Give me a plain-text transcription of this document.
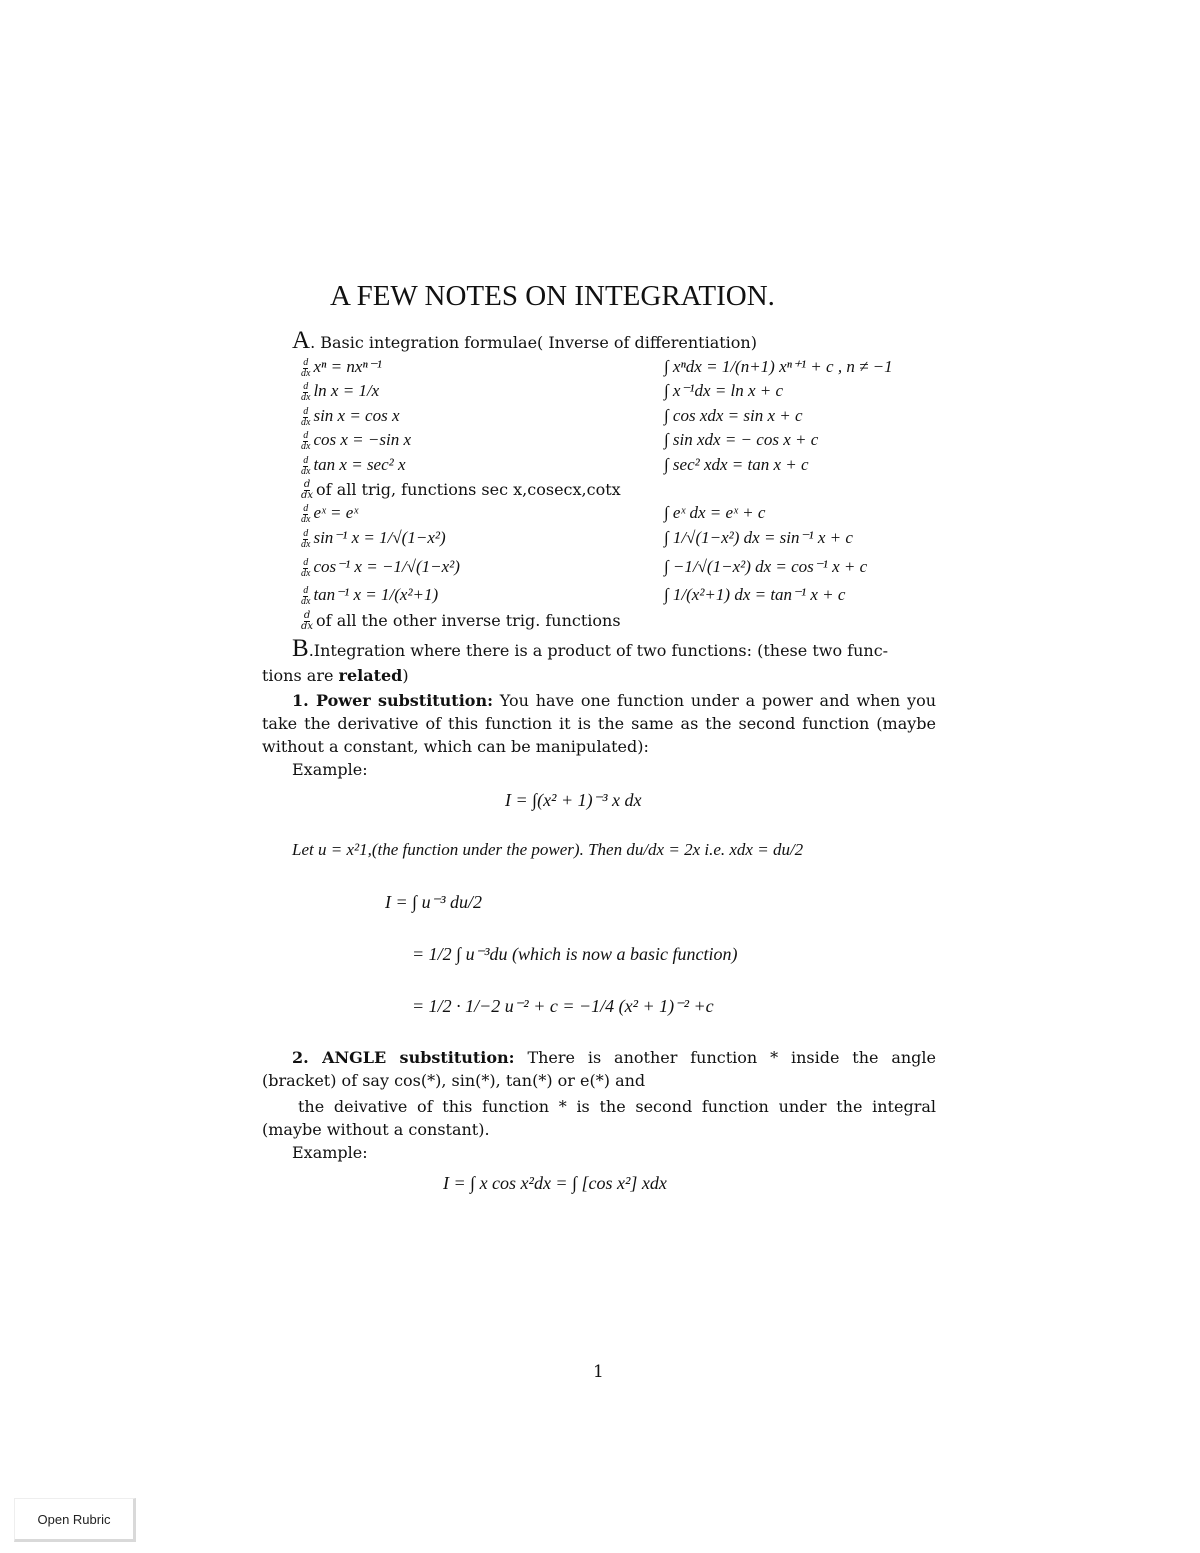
A FEW NOTES ON INTEGRATION.
A. Basic integration formulae( Inverse of differentiation)
$\frac{d}{dx}$ xⁿ = nxⁿ⁻¹
$\frac{d}{dx}$ ln x = 1/x
$\frac{d}{dx}$ sin x = cos x
$\frac{d}{dx}$ cos x = −sin x
$\frac{d}{dx}$ tan x = sec² x
$\frac{d}{dx}$ of all trig, functions sec x,cosecx,cotx
$\frac{d}{dx}$ eˣ = eˣ
$\frac{d}{dx} \sin^{-1}$ x = 1/√(1−x²)
$\frac{d}{dx} \cos^{-1}$ x = −1/√(1−x²)
$\frac{d}{dx} \tan^{-1}$ x = 1/(x²+1)
$\frac{d}{dx}$ of all the other inverse trig. functions
∫ xⁿdx = 1/(n+1) xⁿ⁺¹ + c , n ≠ −1
∫ x⁻¹dx = ln x + c
∫ cos xdx = sin x + c
∫ sin xdx = − cos x + c
∫ sec² xdx = tan x + c
∫ eˣ dx = eˣ + c
∫ 1/√(1−x²) dx = sin⁻¹ x + c
∫ −1/√(1−x²) dx = cos⁻¹ x + c
∫ 1/(x²+1) dx = tan⁻¹ x + c
B.Integration where there is a product of two functions: (these two func-
tions are related)
1. Power substitution: You have one function under a power and when you take the derivative of this function it is the same as the second function (maybe without a constant, which can be manipulated):
Example:
I = ∫(x² + 1)⁻³ x dx
Let u = x²1,(the function under the power). Then du/dx = 2x i.e. xdx = du/2
I = ∫ u⁻³ du/2
= 1/2 ∫ u⁻³du (which is now a basic function)
= 1/2 · 1/−2 u⁻² + c = −1/4 (x² + 1)⁻² +c
2. ANGLE substitution: There is another function * inside the angle (bracket) of say cos(*), sin(*), tan(*) or e(*) and
the deivative of this function * is the second function under the integral (maybe without a constant).
Example:
I = ∫ x cos x²dx = ∫ [cos x²] xdx
1
Open Rubric
